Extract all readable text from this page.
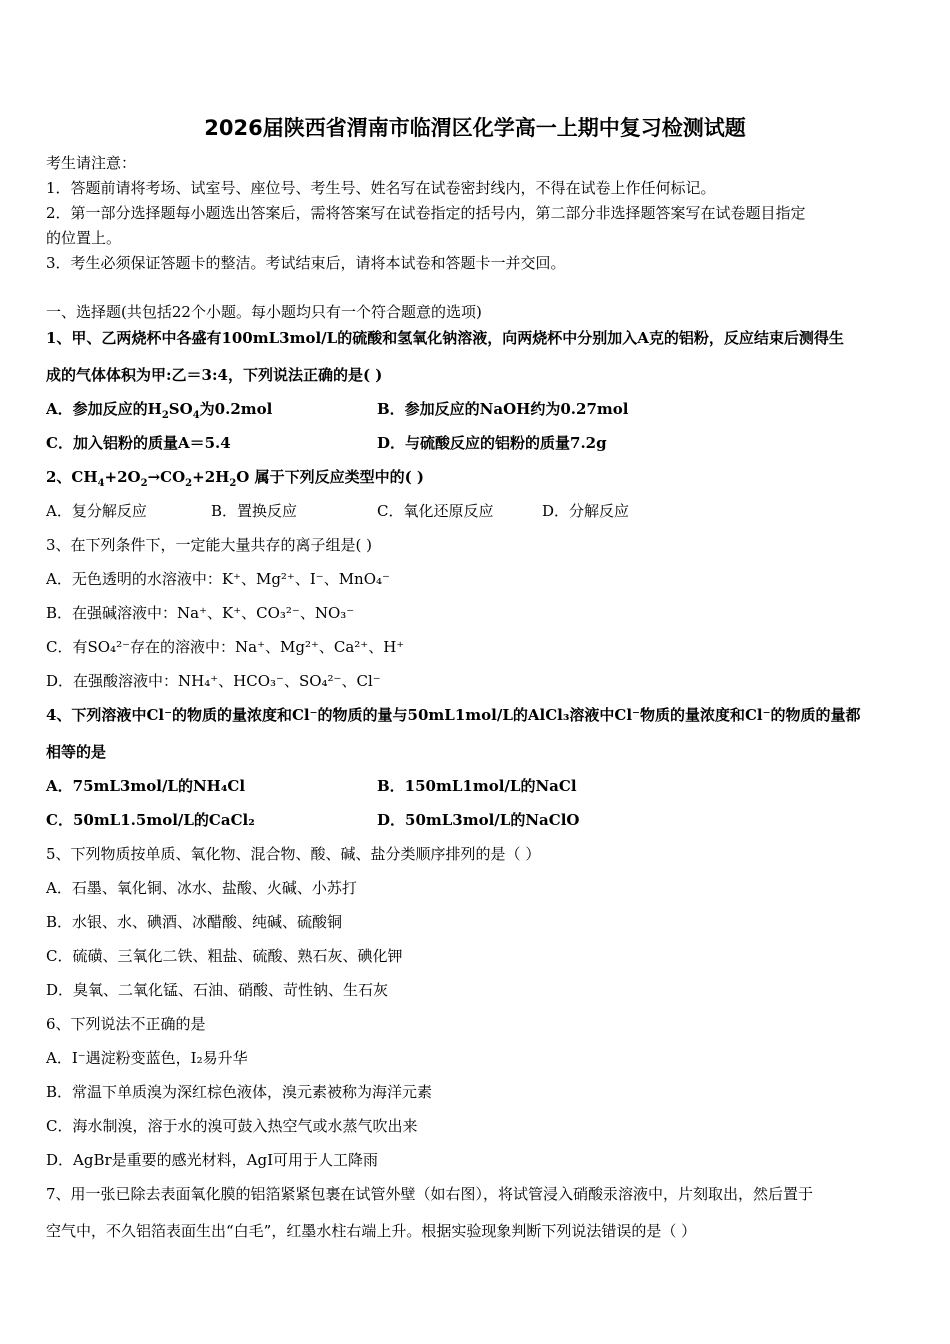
2026届陕西省渭南市临渭区化学高一上期中复习检测试题
考生请注意：
1．答题前请将考场、试室号、座位号、考生号、姓名写在试卷密封线内，不得在试卷上作任何标记。
2．第一部分选择题每小题选出答案后，需将答案写在试卷指定的括号内，第二部分非选择题答案写在试卷题目指定
的位置上。
3．考生必须保证答题卡的整洁。考试结束后，请将本试卷和答题卡一并交回。
一、选择题(共包括22个小题。每小题均只有一个符合题意的选项)
1、甲、乙两烧杯中各盛有100mL3mol/L的硫酸和氢氧化钠溶液，向两烧杯中分别加入A克的铝粉，反应结束后测得生
成的气体体积为甲:乙＝3:4，下列说法正确的是( )
A．参加反应的$H_2SO_4$为0.2mol	B．参加反应的NaOH约为0.27mol
C．加入铝粉的质量A＝5.4	D．与硫酸反应的铝粉的质量7.2g
2、$CH_4+2O_2\to CO_2+2H_2O$ 属于下列反应类型中的( )
A．复分解反应	B．置换反应	C．氧化还原反应	D．分解反应
3、在下列条件下，一定能大量共存的离子组是( )
A．无色透明的水溶液中：K⁺、Mg²⁺、I⁻、MnO₄⁻
B．在强碱溶液中：Na⁺、K⁺、CO₃²⁻、NO₃⁻
C．有SO₄²⁻存在的溶液中：Na⁺、Mg²⁺、Ca²⁺、H⁺
D．在强酸溶液中：NH₄⁺、HCO₃⁻、SO₄²⁻、Cl⁻
4、下列溶液中Cl⁻的物质的量浓度和Cl⁻的物质的量与50mL1mol/L的AlCl₃溶液中Cl⁻物质的量浓度和Cl⁻的物质的量都
相等的是
A．75mL3mol/L的NH₄Cl	B．150mL1mol/L的NaCl
C．50mL1.5mol/L的CaCl₂	D．50mL3mol/L的NaClO
5、下列物质按单质、氧化物、混合物、酸、碱、盐分类顺序排列的是（ ）
A．石墨、氧化铜、冰水、盐酸、火碱、小苏打
B．水银、水、碘酒、冰醋酸、纯碱、硫酸铜
C．硫磺、三氧化二铁、粗盐、硫酸、熟石灰、碘化钾
D．臭氧、二氧化锰、石油、硝酸、苛性钠、生石灰
6、下列说法不正确的是
A．I⁻遇淀粉变蓝色，I₂易升华
B．常温下单质溴为深红棕色液体，溴元素被称为海洋元素
C．海水制溴，溶于水的溴可鼓入热空气或水蒸气吹出来
D．AgBr是重要的感光材料，AgI可用于人工降雨
7、用一张已除去表面氧化膜的铝箔紧紧包裹在试管外壁（如右图），将试管浸入硝酸汞溶液中，片刻取出，然后置于
空气中，不久铝箔表面生出“白毛”，红墨水柱右端上升。根据实验现象判断下列说法错误的是（ ）
